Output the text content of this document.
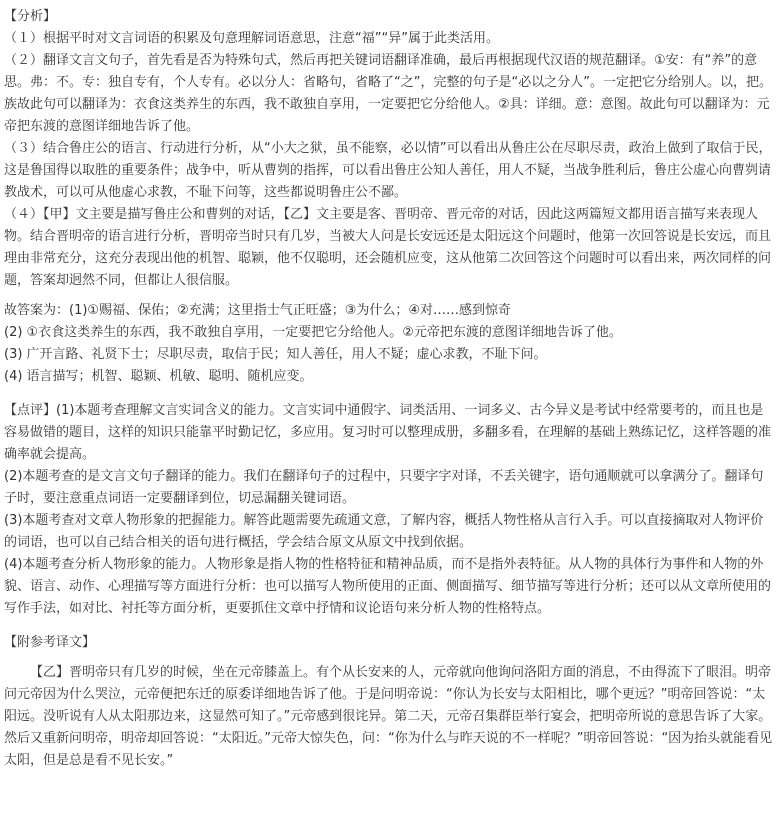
【分析】
（１）根据平时对文言词语的积累及句意理解词语意思，注意“福”“异”属于此类活用。
（２）翻译文言文句子，首先看是否为特殊句式，然后再把关键词语翻译准确，最后再根据现代汉语的规范翻译。①安：有“养”的意思。弗：不。专：独自专有，个人专有。必以分人：省略句，省略了“之”，完整的句子是“必以之分人”。一定把它分给别人。以，把。族故此句可以翻译为：衣食这类养生的东西，我不敢独自享用，一定要把它分给他人。②具：详细。意：意图。故此句可以翻译为：元帝把东渡的意图详细地告诉了他。
（３）结合鲁庄公的语言、行动进行分析，从“小大之狱，虽不能察，必以情”可以看出从鲁庄公在尽职尽责，政治上做到了取信于民，这是鲁国得以取胜的重要条件；战争中，听从曹刿的指挥，可以看出鲁庄公知人善任，用人不疑，当战争胜利后，鲁庄公虚心向曹刿请教战术，可以可从他虚心求教，不耻下问等，这些都说明鲁庄公不鄙。
（４）【甲】文主要是描写鲁庄公和曹刿的对话，【乙】文主要是客、晋明帝、晋元帝的对话，因此这两篇短文都用语言描写来表现人物。结合晋明帝的语言进行分析，晋明帝当时只有几岁，当被大人问是长安远还是太阳远这个问题时，他第一次回答说是长安远，而且理由非常充分，这充分表现出他的机智、聪颖，他不仅聪明，还会随机应变，这从他第二次回答这个问题时可以看出来，两次同样的问题，答案却迥然不同，但都让人很信服。
故答案为：(1)①赐福、保佑；②充满；这里指士气正旺盛；③为什么；④对……感到惊奇
(2) ①衣食这类养生的东西，我不敢独自享用，一定要把它分给他人。②元帝把东渡的意图详细地告诉了他。
(3) 广开言路、礼贤下士；尽职尽责，取信于民；知人善任，用人不疑；虚心求教，不耻下问。
(4) 语言描写；机智、聪颖、机敏、聪明、随机应变。
【点评】(1)本题考查理解文言实词含义的能力。文言实词中通假字、词类活用、一词多义、古今异义是考试中经常要考的，而且也是容易做错的题目，这样的知识只能靠平时勤记忆，多应用。复习时可以整理成册，多翻多看，在理解的基础上熟练记忆，这样答题的准确率就会提高。
(2)本题考查的是文言文句子翻译的能力。我们在翻译句子的过程中，只要字字对译，不丢关键字，语句通顺就可以拿满分了。翻译句子时，要注意重点词语一定要翻译到位，切忌漏翻关键词语。
(3)本题考查对文章人物形象的把握能力。解答此题需要先疏通文意，了解内容，概括人物性格从言行入手。可以直接摘取对人物评价的词语，也可以自己结合相关的语句进行概括，学会结合原文从原文中找到依据。
(4)本题考查分析人物形象的能力。人物形象是指人物的性格特征和精神品质，而不是指外表特征。从人物的具体行为事件和人物的外貌、语言、动作、心理描写等方面进行分析：也可以描写人物所使用的正面、侧面描写、细节描写等进行分析；还可以从文章所使用的写作手法，如对比、衬托等方面分析，更要抓住文章中抒情和议论语句来分析人物的性格特点。
【附参考译文】
【乙】晋明帝只有几岁的时候，坐在元帝膝盖上。有个从长安来的人，元帝就向他询问洛阳方面的消息，不由得流下了眼泪。明帝问元帝因为什么哭泣，元帝便把东迁的原委详细地告诉了他。于是问明帝说：“你认为长安与太阳相比，哪个更远？”明帝回答说：“太阳远。没听说有人从太阳那边来，这显然可知了。”元帝感到很诧异。第二天，元帝召集群臣举行宴会，把明帝所说的意思告诉了大家。然后又重新问明帝，明帝却回答说：“太阳近。”元帝大惊失色，问：“你为什么与昨天说的不一样呢？”明帝回答说：“因为抬头就能看见太阳，但是总是看不见长安。”
